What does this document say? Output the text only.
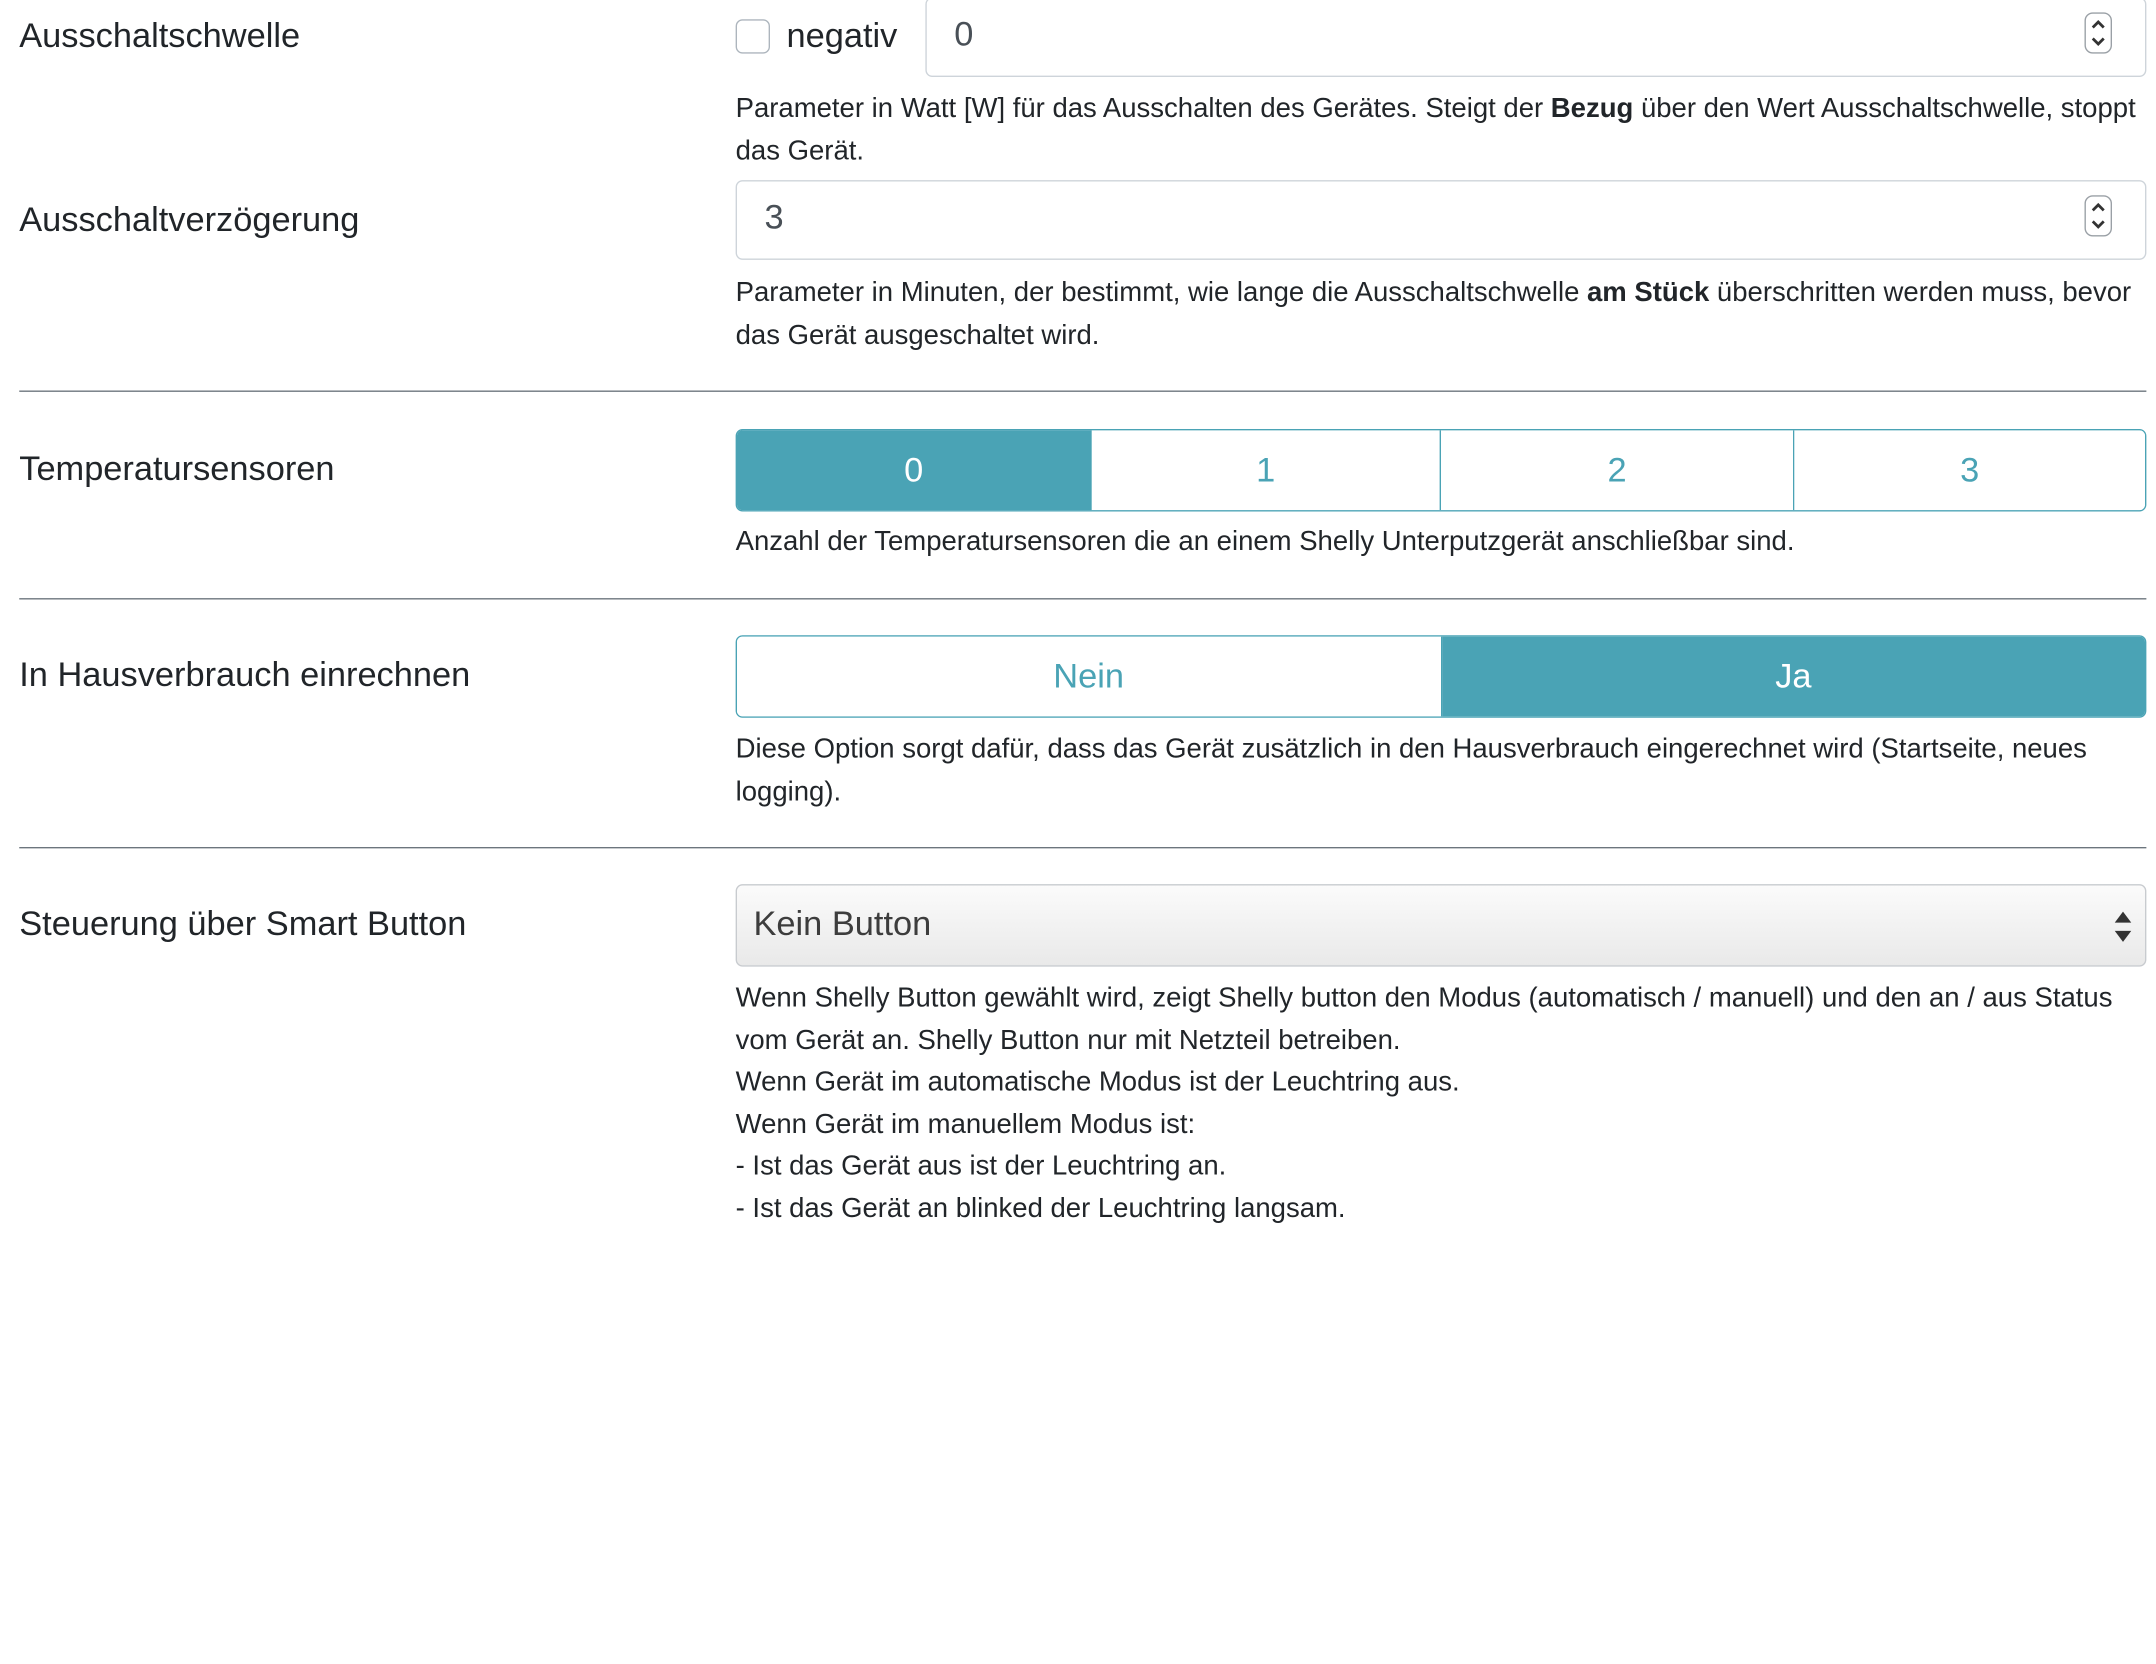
Ausschaltschwelle	negativ 0
Parameter in Watt [W] für das Ausschalten des Gerätes. Steigt der Bezug über den Wert Ausschaltschwelle, stoppt das Gerät.
Ausschaltverzögerung	3
Parameter in Minuten, der bestimmt, wie lange die Ausschaltschwelle am Stück überschritten werden muss, bevor das Gerät ausgeschaltet wird.
Temperatursensoren	0	1	2	3
Anzahl der Temperatursensoren die an einem Shelly Unterputzgerät anschließbar sind.
In Hausverbrauch einrechnen	Nein	Ja
Diese Option sorgt dafür, dass das Gerät zusätzlich in den Hausverbrauch eingerechnet wird (Startseite, neues logging).
Steuerung über Smart Button	Kein Button
Wenn Shelly Button gewählt wird, zeigt Shelly button den Modus (automatisch / manuell) und den an / aus Status vom Gerät an. Shelly Button nur mit Netzteil betreiben.
Wenn Gerät im automatische Modus ist der Leuchtring aus.
Wenn Gerät im manuellem Modus ist:
- Ist das Gerät aus ist der Leuchtring an.
- Ist das Gerät an blinked der Leuchtring langsam.
